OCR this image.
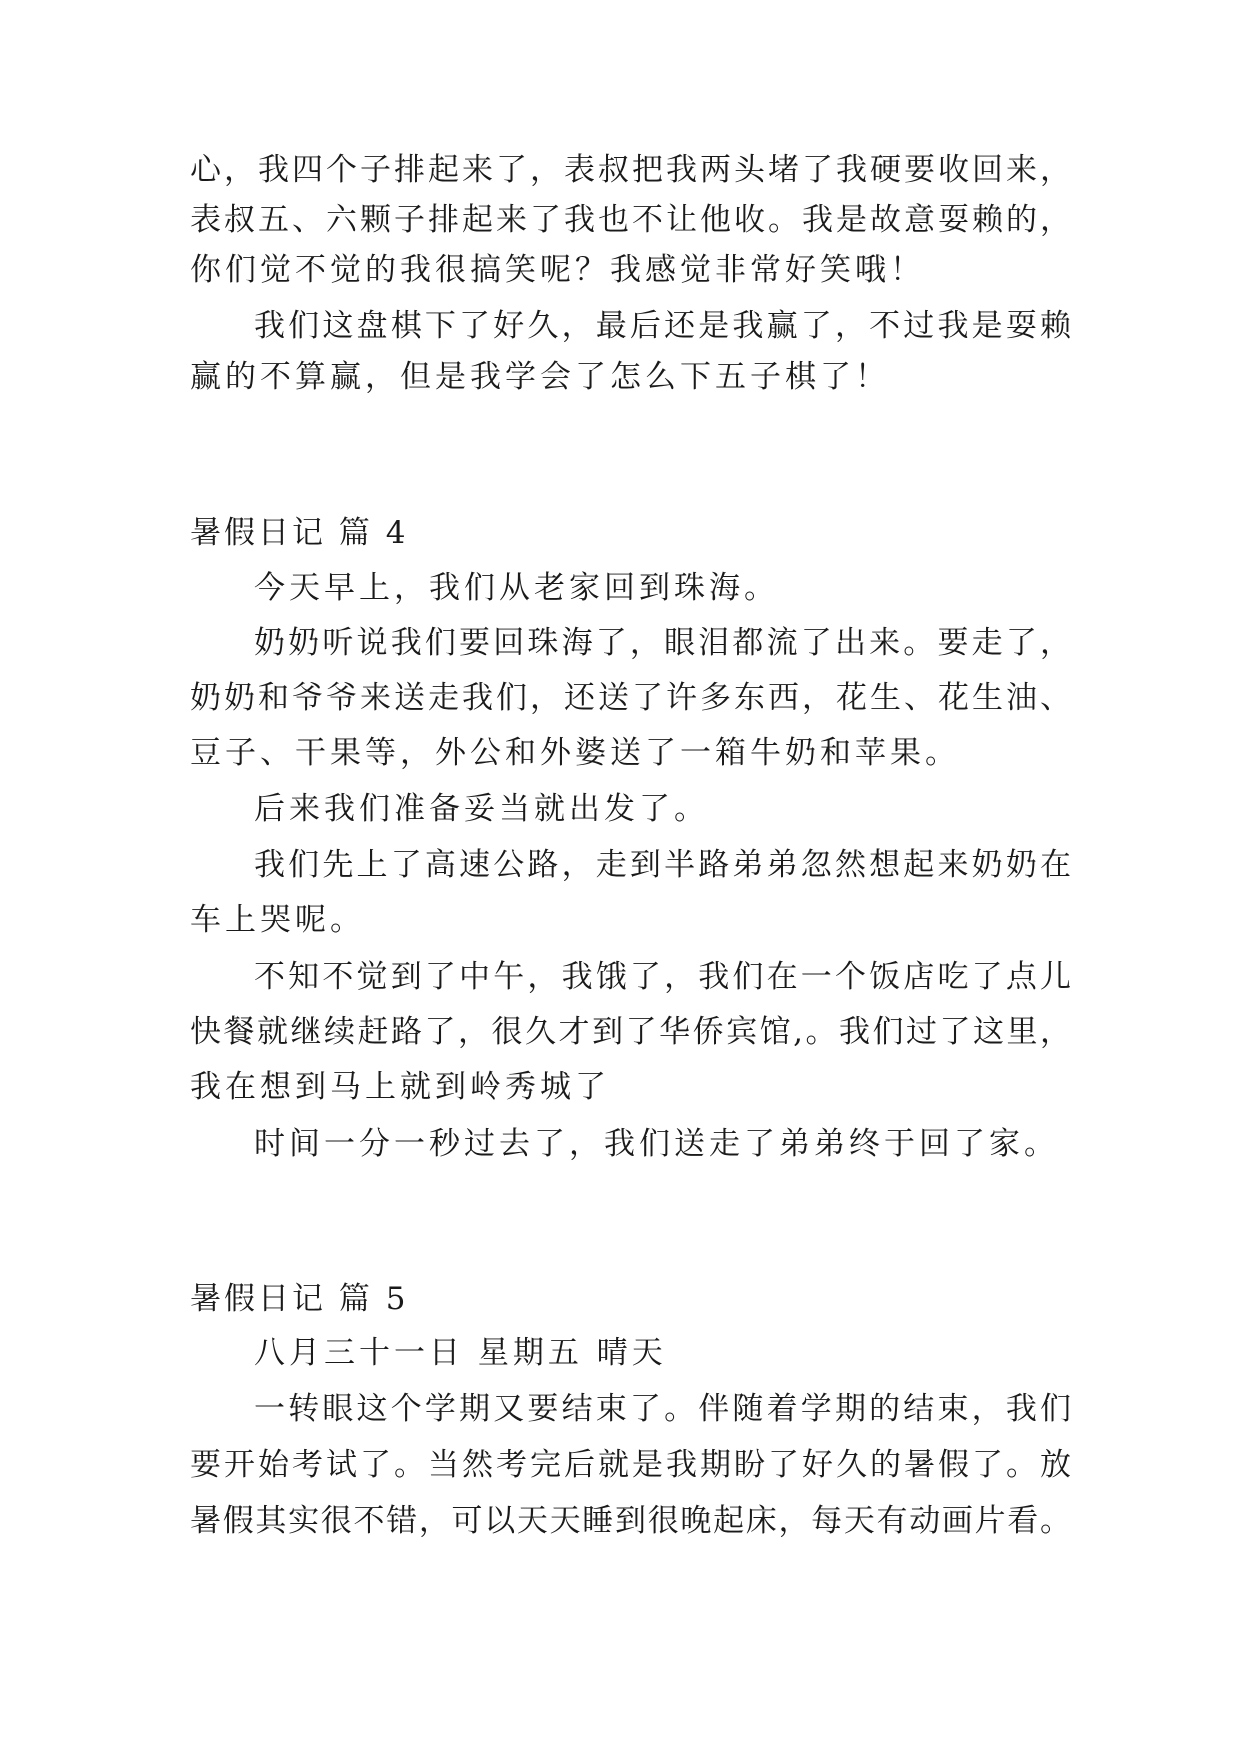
心，我四个子排起来了，表叔把我两头堵了我硬要收回来，
表叔五、六颗子排起来了我也不让他收。我是故意耍赖的，
你们觉不觉的我很搞笑呢？我感觉非常好笑哦！
我们这盘棋下了好久，最后还是我赢了，不过我是耍赖
赢的不算赢，但是我学会了怎么下五子棋了！
暑假日记 篇 4
今天早上，我们从老家回到珠海。
奶奶听说我们要回珠海了，眼泪都流了出来。要走了，
奶奶和爷爷来送走我们，还送了许多东西，花生、花生油、
豆子、干果等，外公和外婆送了一箱牛奶和苹果。
后来我们准备妥当就出发了。
我们先上了高速公路，走到半路弟弟忽然想起来奶奶在
车上哭呢。
不知不觉到了中午，我饿了，我们在一个饭店吃了点儿
快餐就继续赶路了，很久才到了华侨宾馆,。我们过了这里，
我在想到马上就到岭秀城了
时间一分一秒过去了，我们送走了弟弟终于回了家。
暑假日记 篇 5
八月三十一日 星期五 晴天
一转眼这个学期又要结束了。伴随着学期的结束，我们
要开始考试了。当然考完后就是我期盼了好久的暑假了。放
暑假其实很不错，可以天天睡到很晚起床，每天有动画片看。
